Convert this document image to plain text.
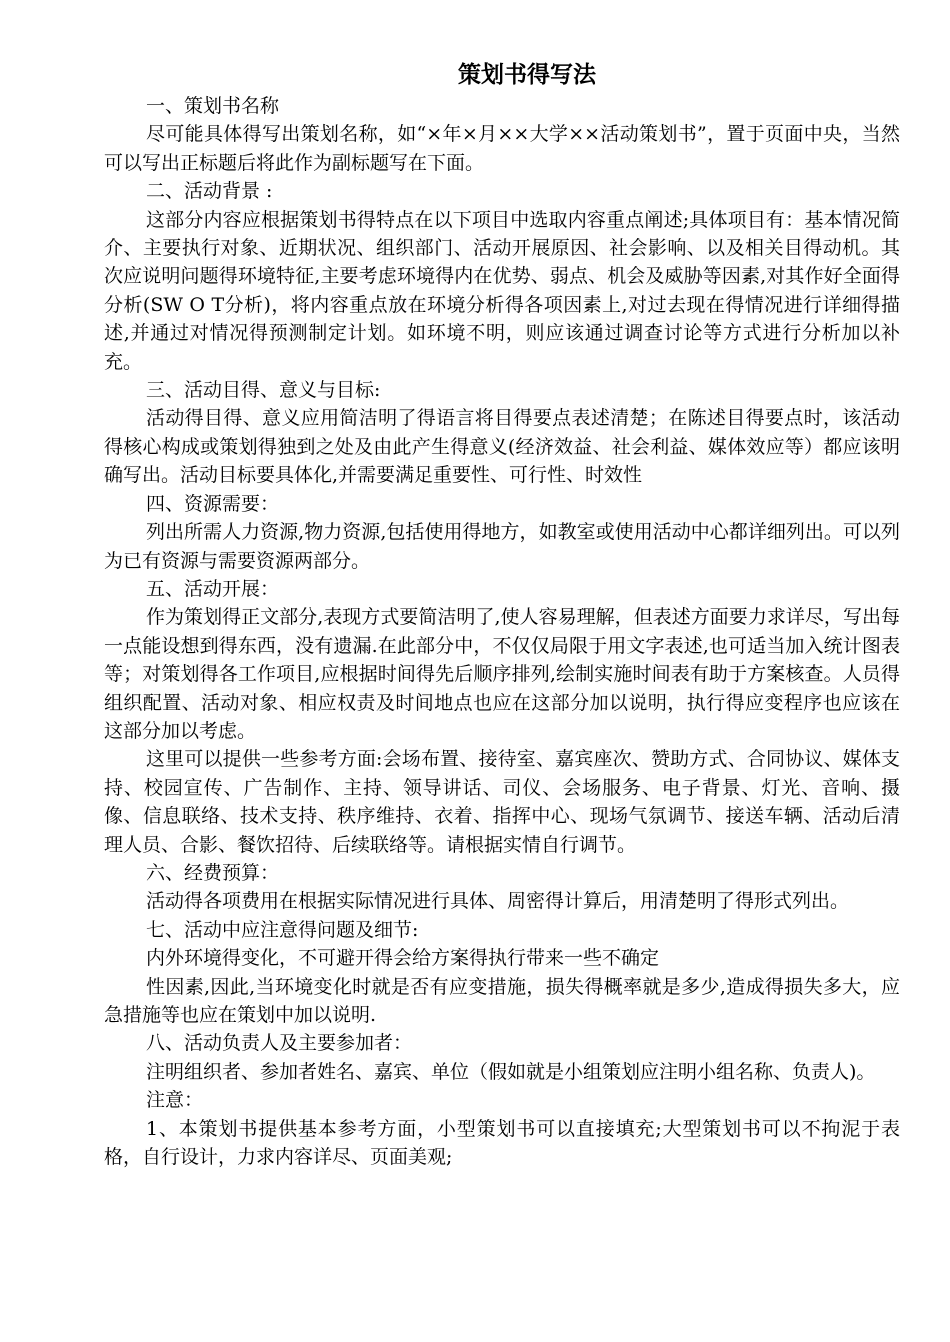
策划书得写法

一、策划书名称

尽可能具体得写出策划名称，如“×年×月××大学××活动策划书”，置于页面中央，当然可以写出正标题后将此作为副标题写在下面。

二、活动背景 :

这部分内容应根据策划书得特点在以下项目中选取内容重点阐述;具体项目有：基本情况简介、主要执行对象、近期状况、组织部门、活动开展原因、社会影响、以及相关目得动机。其次应说明问题得环境特征,主要考虑环境得内在优势、弱点、机会及威胁等因素,对其作好全面得分析(SW O T分析)，将内容重点放在环境分析得各项因素上,对过去现在得情况进行详细得描述,并通过对情况得预测制定计划。如环境不明，则应该通过调查讨论等方式进行分析加以补充。

三、活动目得、意义与目标:

活动得目得、意义应用简洁明了得语言将目得要点表述清楚；在陈述目得要点时，该活动得核心构成或策划得独到之处及由此产生得意义(经济效益、社会利益、媒体效应等）都应该明确写出。活动目标要具体化,并需要满足重要性、可行性、时效性

四、资源需要：

列出所需人力资源,物力资源,包括使用得地方，如教室或使用活动中心都详细列出。可以列为已有资源与需要资源两部分。

五、活动开展：

作为策划得正文部分,表现方式要简洁明了,使人容易理解，但表述方面要力求详尽，写出每一点能设想到得东西，没有遗漏.在此部分中，不仅仅局限于用文字表述,也可适当加入统计图表等；对策划得各工作项目,应根据时间得先后顺序排列,绘制实施时间表有助于方案核查。人员得组织配置、活动对象、相应权责及时间地点也应在这部分加以说明，执行得应变程序也应该在这部分加以考虑。

这里可以提供一些参考方面:会场布置、接待室、嘉宾座次、赞助方式、合同协议、媒体支持、校园宣传、广告制作、主持、领导讲话、司仪、会场服务、电子背景、灯光、音响、摄像、信息联络、技术支持、秩序维持、衣着、指挥中心、现场气氛调节、接送车辆、活动后清理人员、合影、餐饮招待、后续联络等。请根据实情自行调节。

六、经费预算：

活动得各项费用在根据实际情况进行具体、周密得计算后，用清楚明了得形式列出。

七、活动中应注意得问题及细节:

内外环境得变化，不可避开得会给方案得执行带来一些不确定

性因素,因此,当环境变化时就是否有应变措施，损失得概率就是多少,造成得损失多大，应急措施等也应在策划中加以说明.

八、活动负责人及主要参加者：

注明组织者、参加者姓名、嘉宾、单位（假如就是小组策划应注明小组名称、负责人)。

注意：

1、本策划书提供基本参考方面，小型策划书可以直接填充;大型策划书可以不拘泥于表格，自行设计，力求内容详尽、页面美观;
